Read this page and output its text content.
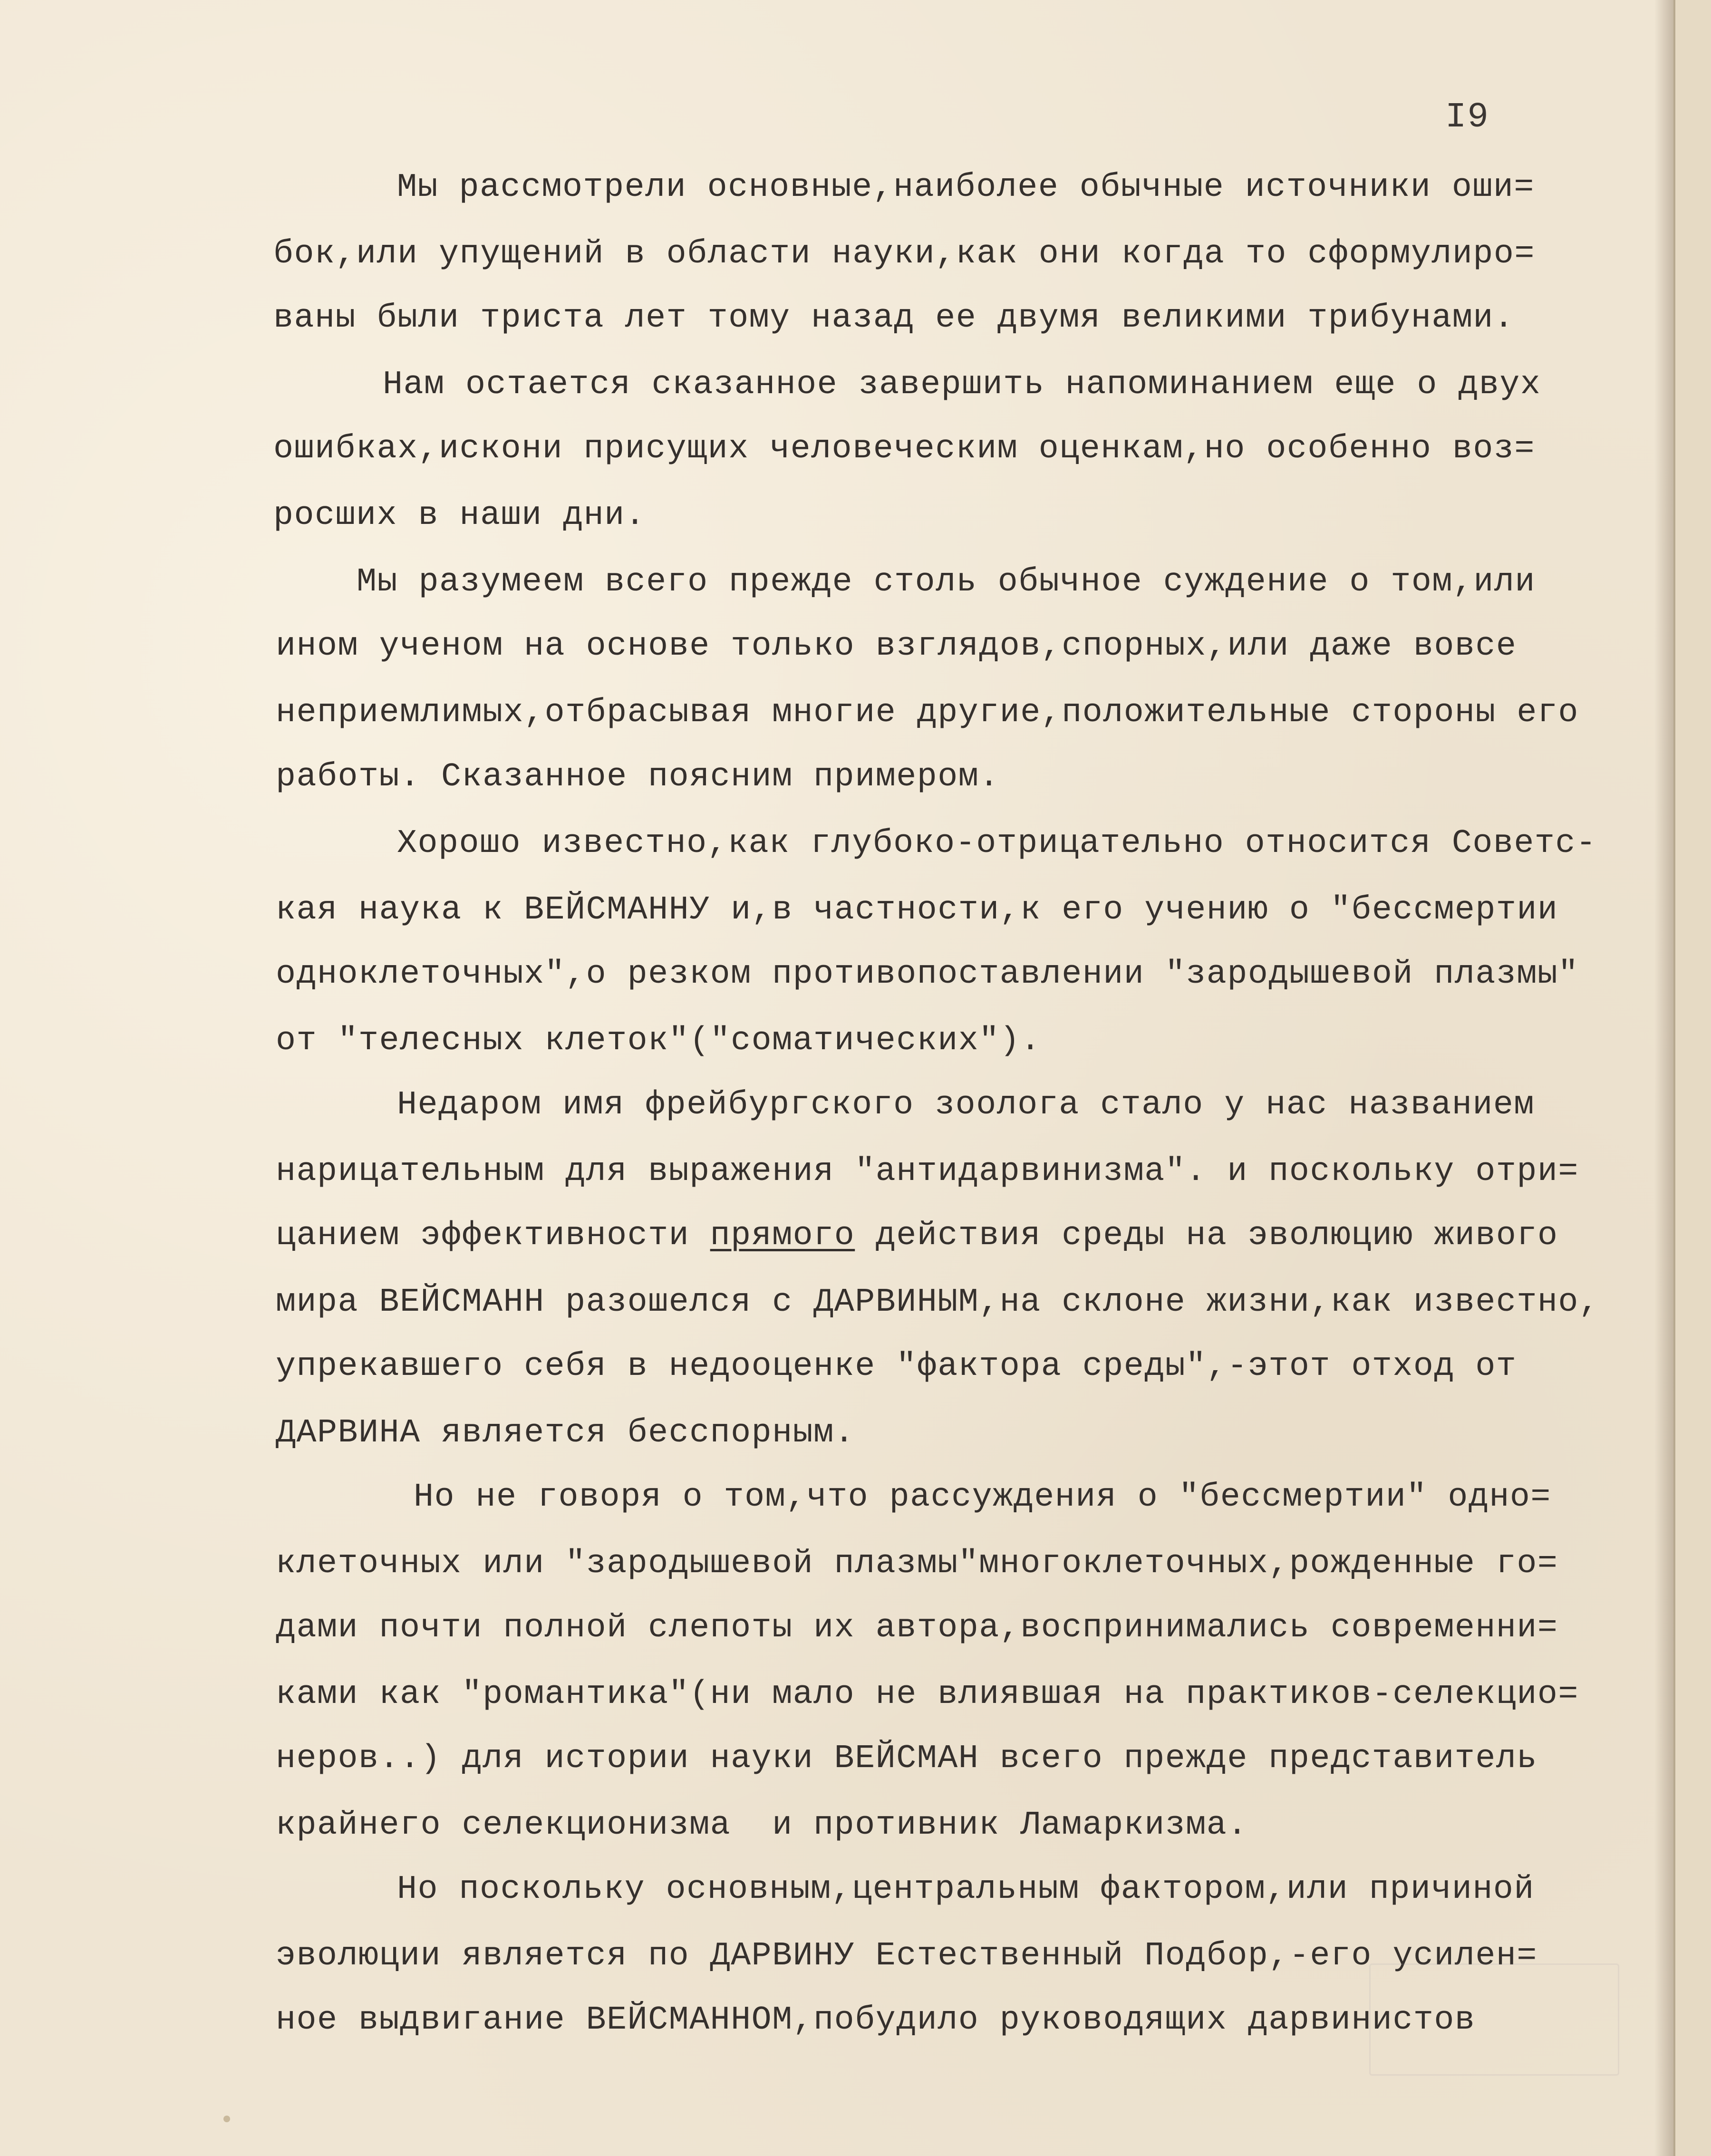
I9

Мы рассмотрели основные,наиболее обычные источники оши=

бок,или упущений в области науки,как они когда то сформулиро=

ваны были триста лет тому назад ее двумя великими трибунами.

Нам остается сказанное завершить напоминанием еще о двух

ошибках,искони присущих человеческим оценкам,но особенно воз=

росших в наши дни.

Мы разумеем всего прежде столь обычное суждение о том,или

ином ученом на основе только взглядов,спорных,или даже вовсе

неприемлимых,отбрасывая многие другие,положительные стороны его

работы. Сказанное поясним примером.

Хорошо известно,как глубоко-отрицательно относится Советс-

кая наука к ВЕЙСМАННУ и,в частности,к его учению о "бессмертии

одноклеточных",о резком противопоставлении "зародышевой плазмы"

от "телесных клеток"("соматических").

Недаром имя фрейбургского зоолога стало у нас названием

нарицательным для выражения "антидарвинизма". и поскольку отри=

цанием эффективности прямого действия среды на эволюцию живого

мира ВЕЙСМАНН разошелся с ДАРВИНЫМ,на склоне жизни,как известно,

упрекавшего себя в недооценке "фактора среды",-этот отход от

ДАРВИНА является бесспорным.

Но не говоря о том,что рассуждения о "бессмертии" одно=

клеточных или "зародышевой плазмы"многоклеточных,рожденные го=

дами почти полной слепоты их автора,воспринимались современни=

ками как "романтика"(ни мало не влиявшая на практиков-селекцио=

неров..) для истории науки ВЕЙСМАН всего прежде представитель

крайнего селекционизма  и противник Ламаркизма.

Но поскольку основным,центральным фактором,или причиной

эволюции является по ДАРВИНУ Естественный Подбор,-его усилен=

ное выдвигание ВЕЙСМАННОМ,побудило руководящих дарвинистов
